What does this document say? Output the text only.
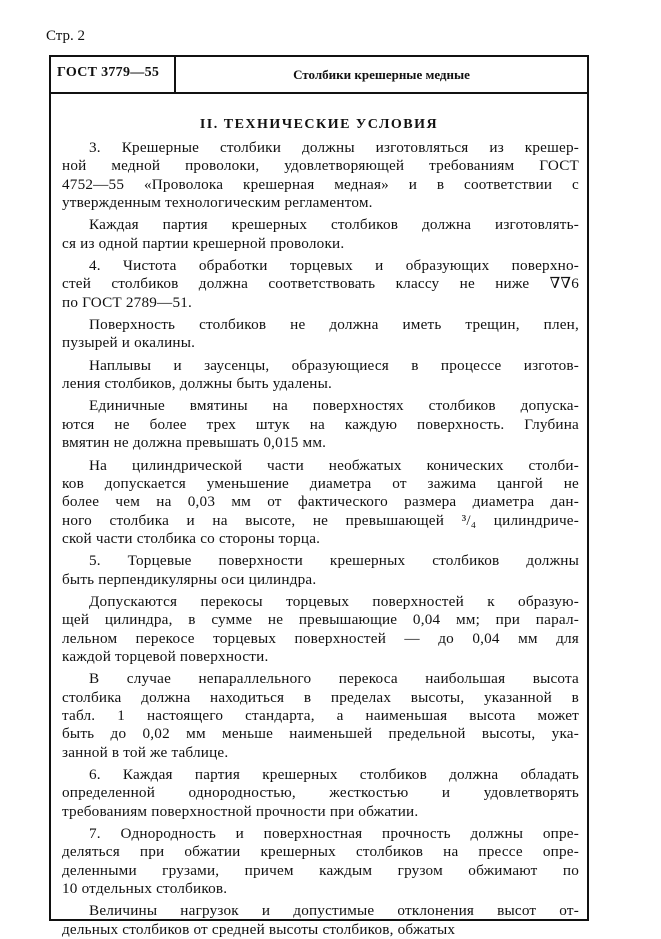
Стр. 2
ГОСТ 3779—55	Столбики крешерные медные
II. ТЕХНИЧЕСКИЕ УСЛОВИЯ
3. Крешерные столбики должны изготовляться из крешер-
ной медной проволоки, удовлетворяющей требованиям ГОСТ
4752—55 «Проволока крешерная медная» и в соответствии с
утвержденным технологическим регламентом.
Каждая партия крешерных столбиков должна изготовлять-
ся из одной партии крешерной проволоки.
4. Чистота обработки торцевых и образующих поверхно-
стей столбиков должна соответствовать классу не ниже ∇∇6
по ГОСТ 2789—51.
Поверхность столбиков не должна иметь трещин, плен,
пузырей и окалины.
Наплывы и заусенцы, образующиеся в процессе изготов-
ления столбиков, должны быть удалены.
Единичные вмятины на поверхностях столбиков допуска-
ются не более трех штук на каждую поверхность. Глубина
вмятин не должна превышать 0,015 мм.
На цилиндрической части необжатых конических столби-
ков допускается уменьшение диаметра от зажима цангой не
более чем на 0,03 мм от фактического размера диаметра дан-
ного столбика и на высоте, не превышающей ³/₄ цилиндриче-
ской части столбика со стороны торца.
5. Торцевые поверхности крешерных столбиков должны
быть перпендикулярны оси цилиндра.
Допускаются перекосы торцевых поверхностей к образую-
щей цилиндра, в сумме не превышающие 0,04 мм; при парал-
лельном перекосе торцевых поверхностей — до 0,04 мм для
каждой торцевой поверхности.
В случае непараллельного перекоса наибольшая высота
столбика должна находиться в пределах высоты, указанной в
табл. 1 настоящего стандарта, а наименьшая высота может
быть до 0,02 мм меньше наименьшей предельной высоты, ука-
занной в той же таблице.
6. Каждая партия крешерных столбиков должна обладать
определенной однородностью, жесткостью и удовлетворять
требованиям поверхностной прочности при обжатии.
7. Однородность и поверхностная прочность должны опре-
деляться при обжатии крешерных столбиков на прессе опре-
деленными грузами, причем каждым грузом обжимают по
10 отдельных столбиков.
Величины нагрузок и допустимые отклонения высот от-
дельных столбиков от средней высоты столбиков, обжатых
